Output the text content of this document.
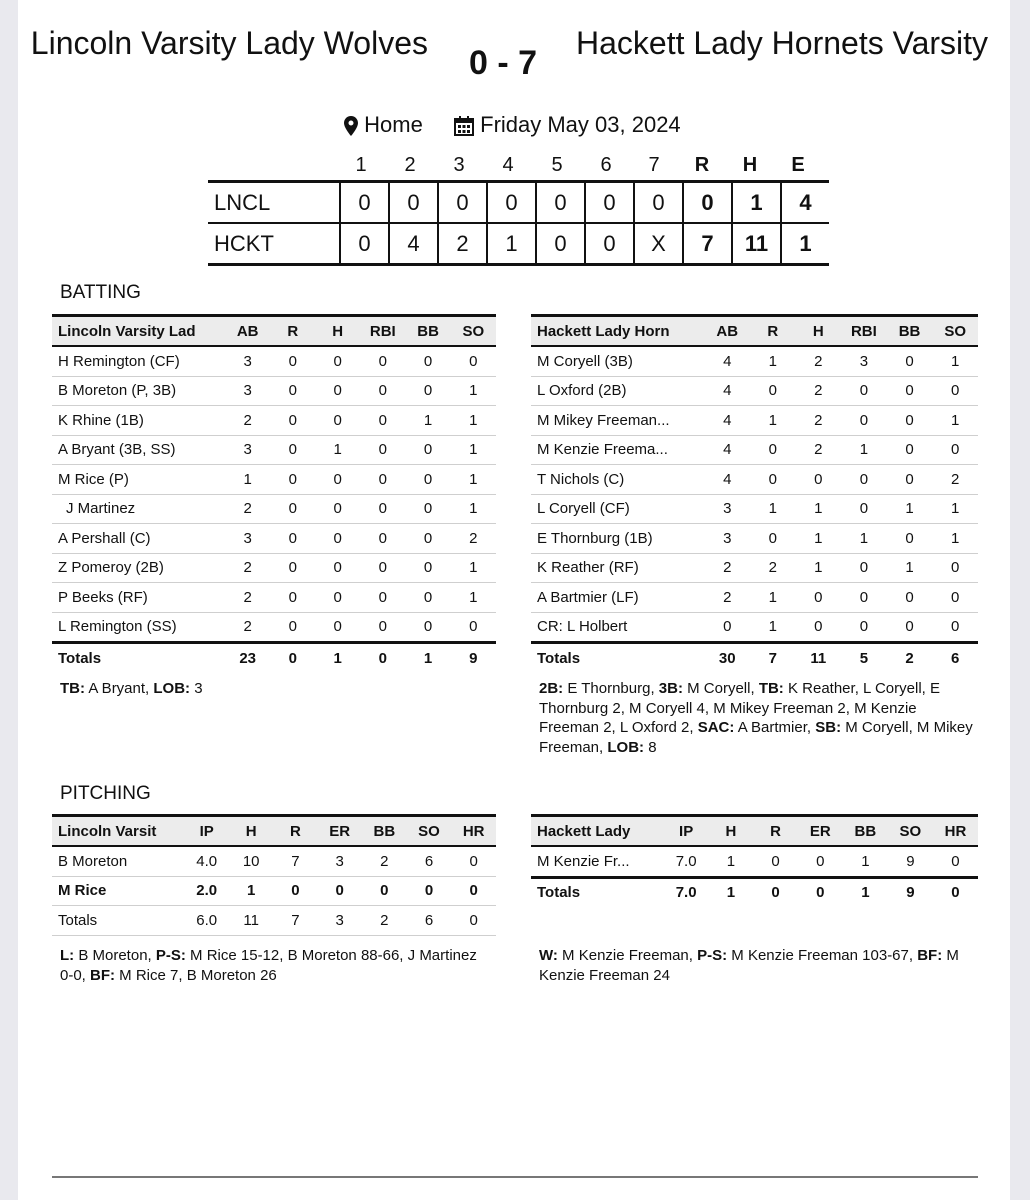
Lincoln Varsity Lady Wolves
0 - 7
Hackett Lady Hornets Varsity
Home	Friday May 03, 2024
1	2	3	4	5	6	7	R	H	E
LNCL	0	0	0	0	0	0	0	0	1	4
HCKT	0	4	2	1	0	0	X	7	11	1
BATTING
Lincoln Varsity Lad	AB	R	H	RBI	BB	SO
H Remington (CF)	3	0	0	0	0	0
B Moreton (P, 3B)	3	0	0	0	0	1
K Rhine (1B)	2	0	0	0	1	1
A Bryant (3B, SS)	3	0	1	0	0	1
M Rice (P)	1	0	0	0	0	1
J Martinez	2	0	0	0	0	1
A Pershall (C)	3	0	0	0	0	2
Z Pomeroy (2B)	2	0	0	0	0	1
P Beeks (RF)	2	0	0	0	0	1
L Remington (SS)	2	0	0	0	0	0
Totals	23	0	1	0	1	9
Hackett Lady Horn	AB	R	H	RBI	BB	SO
M Coryell (3B)	4	1	2	3	0	1
L Oxford (2B)	4	0	2	0	0	0
M Mikey Freeman...	4	1	2	0	0	1
M Kenzie Freema...	4	0	2	1	0	0
T Nichols (C)	4	0	0	0	0	2
L Coryell (CF)	3	1	1	0	1	1
E Thornburg (1B)	3	0	1	1	0	1
K Reather (RF)	2	2	1	0	1	0
A Bartmier (LF)	2	1	0	0	0	0
CR: L Holbert	0	1	0	0	0	0
Totals	30	7	11	5	2	6
TB: A Bryant, LOB: 3	2B: E Thornburg, 3B: M Coryell, TB: K Reather, L Coryell, E Thornburg 2, M Coryell 4, M Mikey Freeman 2, M Kenzie Freeman 2, L Oxford 2, SAC: A Bartmier, SB: M Coryell, M Mikey Freeman, LOB: 8
PITCHING
Lincoln Varsit	IP	H	R	ER	BB	SO	HR
B Moreton	4.0	10	7	3	2	6	0
M Rice	2.0	1	0	0	0	0	0
Totals	6.0	11	7	3	2	6	0
Hackett Lady	IP	H	R	ER	BB	SO	HR
M Kenzie Fr...	7.0	1	0	0	1	9	0
Totals	7.0	1	0	0	1	9	0
L: B Moreton, P-S: M Rice 15-12, B Moreton 88-66, J Martinez 0-0, BF: M Rice 7, B Moreton 26
W: M Kenzie Freeman, P-S: M Kenzie Freeman 103-67, BF: M Kenzie Freeman 24
